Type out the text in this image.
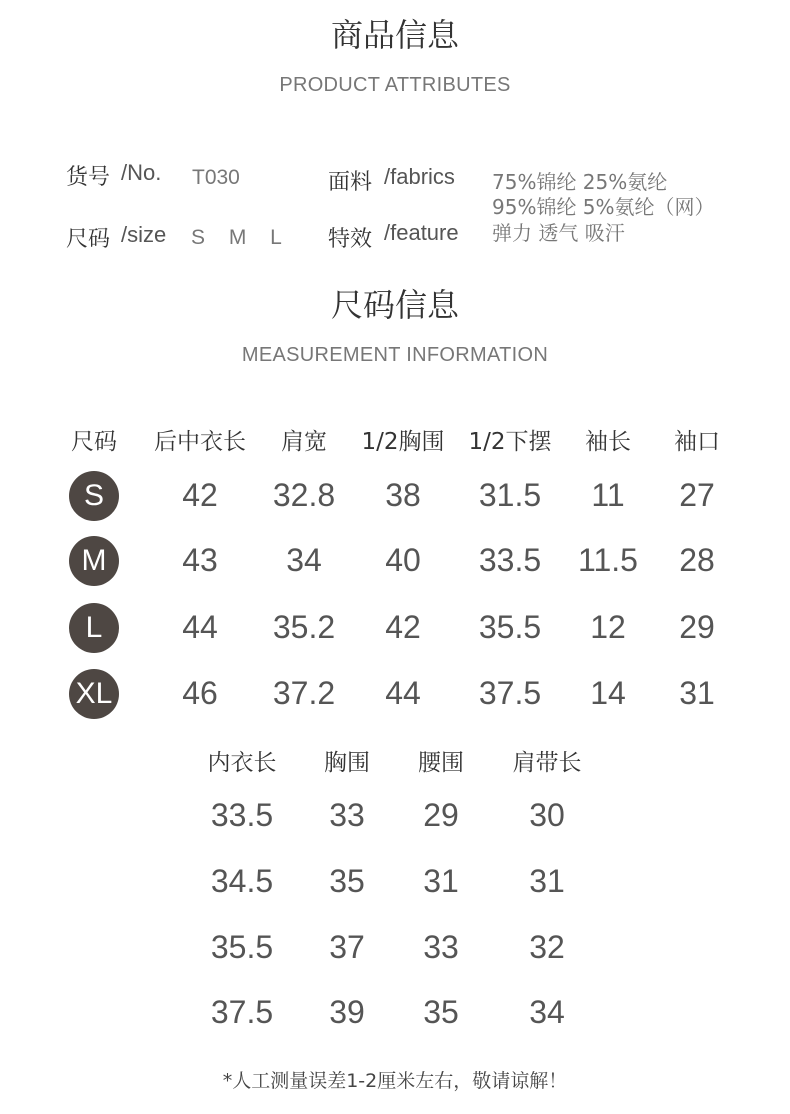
商品信息
PRODUCT ATTRIBUTES
货号 /No. T030
尺码 /size S M L
面料 /fabrics 75%锦纶 25%氨纶
95%锦纶 5%氨纶（网）
特效 /feature 弹力 透气 吸汗
尺码信息
MEASUREMENT INFORMATION
尺码	后中衣长	肩宽	1/2胸围	1/2下摆	袖长	袖口
S	42	32.8	38	31.5	11	27
M	43	34	40	33.5	11.5	28
L	44	35.2	42	35.5	12	29
XL	46	37.2	44	37.5	14	31
内衣长	胸围	腰围	肩带长
33.5	33	29	30
34.5	35	31	31
35.5	37	33	32
37.5	39	35	34
*人工测量误差1-2厘米左右，敬请谅解！
